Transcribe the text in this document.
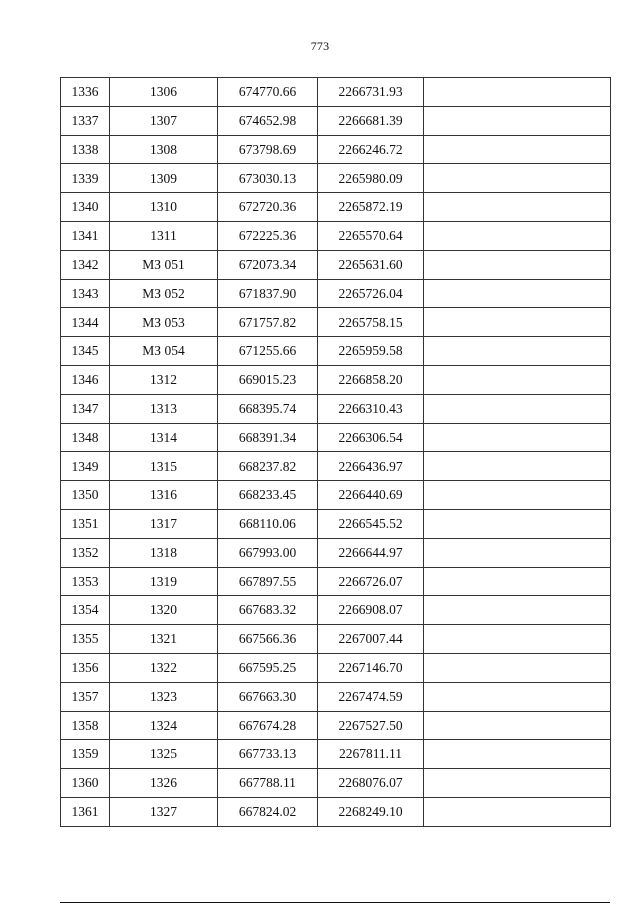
773
1336	1306	674770.66	2266731.93	
1337	1307	674652.98	2266681.39	
1338	1308	673798.69	2266246.72	
1339	1309	673030.13	2265980.09	
1340	1310	672720.36	2265872.19	
1341	1311	672225.36	2265570.64	
1342	МЗ 051	672073.34	2265631.60	
1343	МЗ 052	671837.90	2265726.04	
1344	МЗ 053	671757.82	2265758.15	
1345	МЗ 054	671255.66	2265959.58	
1346	1312	669015.23	2266858.20	
1347	1313	668395.74	2266310.43	
1348	1314	668391.34	2266306.54	
1349	1315	668237.82	2266436.97	
1350	1316	668233.45	2266440.69	
1351	1317	668110.06	2266545.52	
1352	1318	667993.00	2266644.97	
1353	1319	667897.55	2266726.07	
1354	1320	667683.32	2266908.07	
1355	1321	667566.36	2267007.44	
1356	1322	667595.25	2267146.70	
1357	1323	667663.30	2267474.59	
1358	1324	667674.28	2267527.50	
1359	1325	667733.13	2267811.11	
1360	1326	667788.11	2268076.07	
1361	1327	667824.02	2268249.10	
